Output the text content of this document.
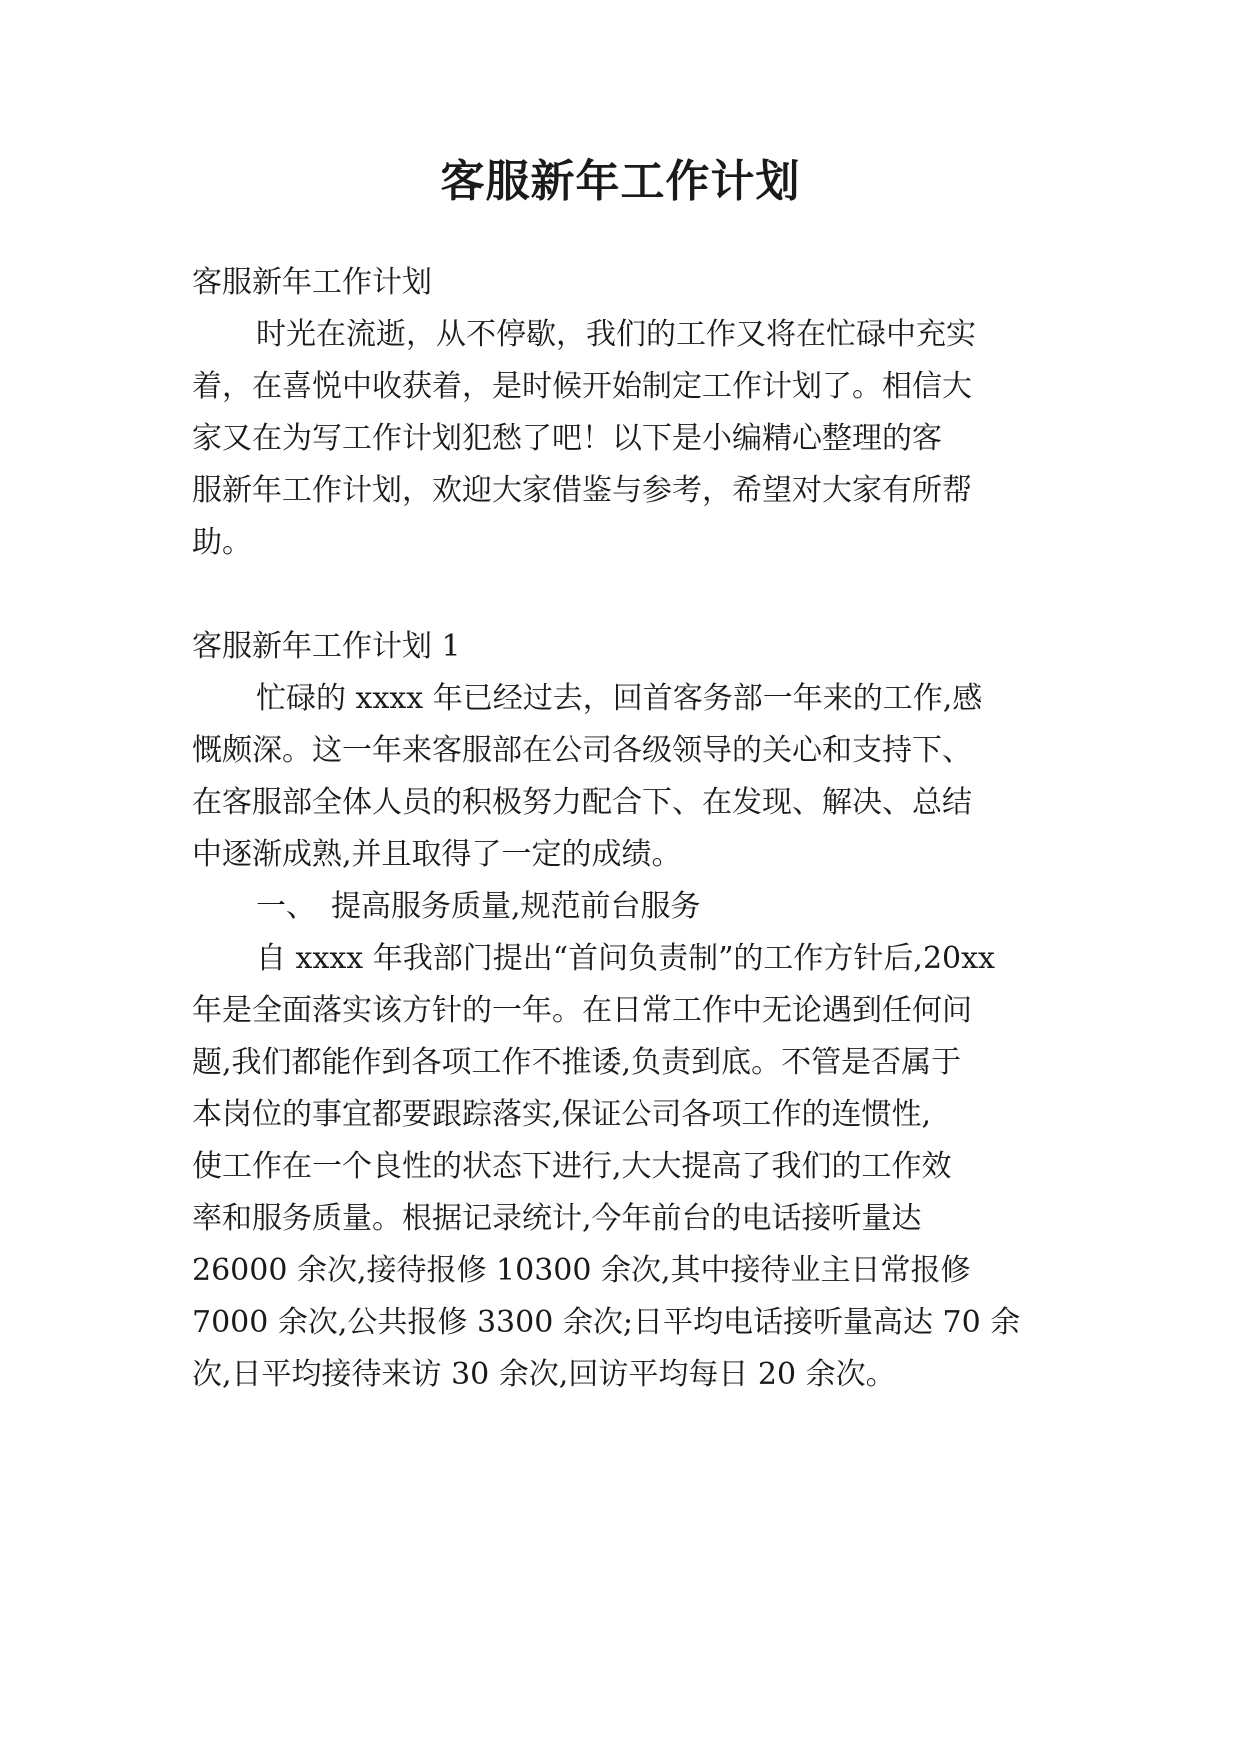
客服新年工作计划

客服新年工作计划

时光在流逝，从不停歇，我们的工作又将在忙碌中充实

着，在喜悦中收获着，是时候开始制定工作计划了。相信大

家又在为写工作计划犯愁了吧！以下是小编精心整理的客

服新年工作计划，欢迎大家借鉴与参考，希望对大家有所帮

助。

客服新年工作计划 1

忙碌的 xxxx 年已经过去，回首客务部一年来的工作,感

慨颇深。这一年来客服部在公司各级领导的关心和支持下、

在客服部全体人员的积极努力配合下、在发现、解决、总结

中逐渐成熟,并且取得了一定的成绩。

一、　提高服务质量,规范前台服务

自 xxxx 年我部门提出“首问负责制”的工作方针后,20xx

年是全面落实该方针的一年。在日常工作中无论遇到任何问

题,我们都能作到各项工作不推诿,负责到底。不管是否属于

本岗位的事宜都要跟踪落实,保证公司各项工作的连惯性,

使工作在一个良性的状态下进行,大大提高了我们的工作效

率和服务质量。根据记录统计,今年前台的电话接听量达

26000 余次,接待报修 10300 余次,其中接待业主日常报修

7000 余次,公共报修 3300 余次;日平均电话接听量高达 70 余

次,日平均接待来访 30 余次,回访平均每日 20 余次。
